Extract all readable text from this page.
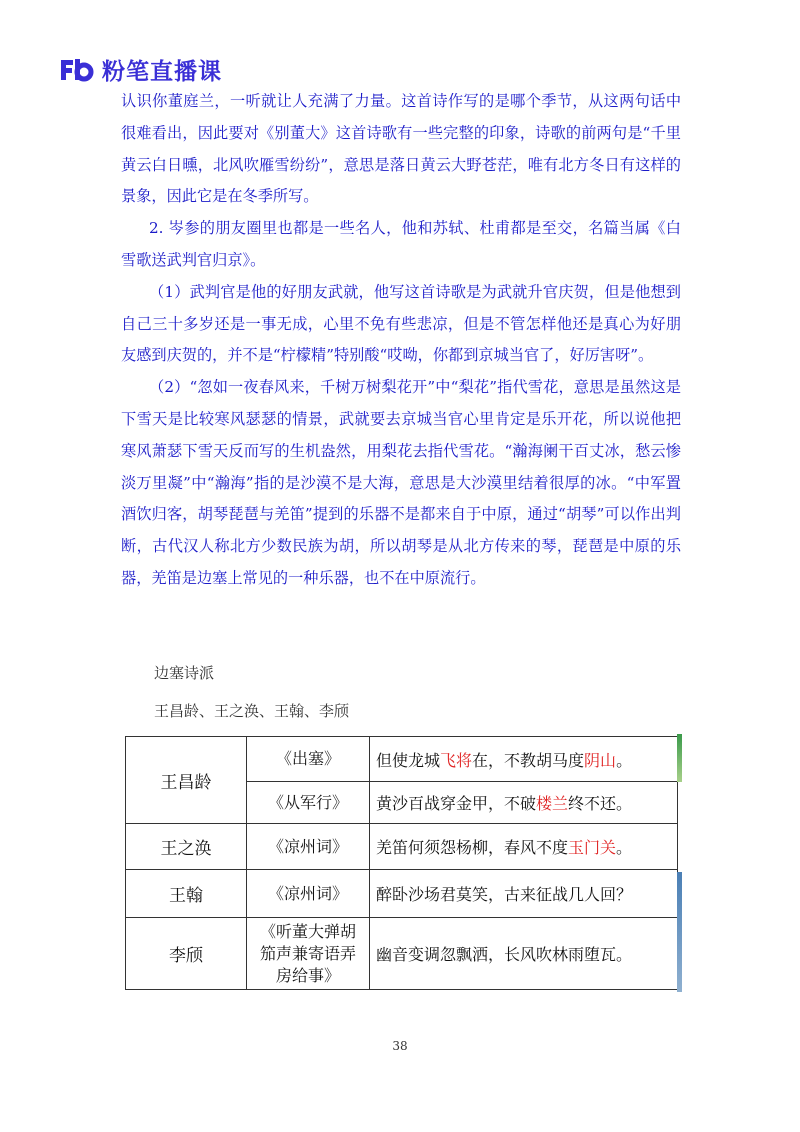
粉笔直播课

认识你董庭兰，一听就让人充满了力量。这首诗作写的是哪个季节，从这两句话中很难看出，因此要对《别董大》这首诗歌有一些完整的印象，诗歌的前两句是“千里黄云白日曛，北风吹雁雪纷纷”，意思是落日黄云大野苍茫，唯有北方冬日有这样的景象，因此它是在冬季所写。

2. 岑参的朋友圈里也都是一些名人，他和苏轼、杜甫都是至交，名篇当属《白雪歌送武判官归京》。

（1）武判官是他的好朋友武就，他写这首诗歌是为武就升官庆贺，但是他想到自己三十多岁还是一事无成，心里不免有些悲凉，但是不管怎样他还是真心为好朋友感到庆贺的，并不是“柠檬精”特别酸“哎呦，你都到京城当官了，好厉害呀”。

（2）“忽如一夜春风来，千树万树梨花开”中“梨花”指代雪花，意思是虽然这是下雪天是比较寒风瑟瑟的情景，武就要去京城当官心里肯定是乐开花，所以说他把寒风萧瑟下雪天反而写的生机盎然，用梨花去指代雪花。“瀚海阑干百丈冰，愁云惨淡万里凝”中“瀚海”指的是沙漠不是大海，意思是大沙漠里结着很厚的冰。“中军置酒饮归客，胡琴琵琶与羌笛”提到的乐器不是都来自于中原，通过“胡琴”可以作出判断，古代汉人称北方少数民族为胡，所以胡琴是从北方传来的琴，琵琶是中原的乐器，羌笛是边塞上常见的一种乐器，也不在中原流行。

边塞诗派
王昌龄、王之涣、王翰、李颀
王昌龄	《出塞》	但使龙城飞将在，不教胡马度阴山。
	《从军行》	黄沙百战穿金甲，不破楼兰终不还。
王之涣	《凉州词》	羌笛何须怨杨柳，春风不度玉门关。
王翰	《凉州词》	醉卧沙场君莫笑，古来征战几人回？
李颀	《听董大弹胡
笳声兼寄语弄
房给事》	幽音变调忽飘洒，长风吹林雨堕瓦。
38
